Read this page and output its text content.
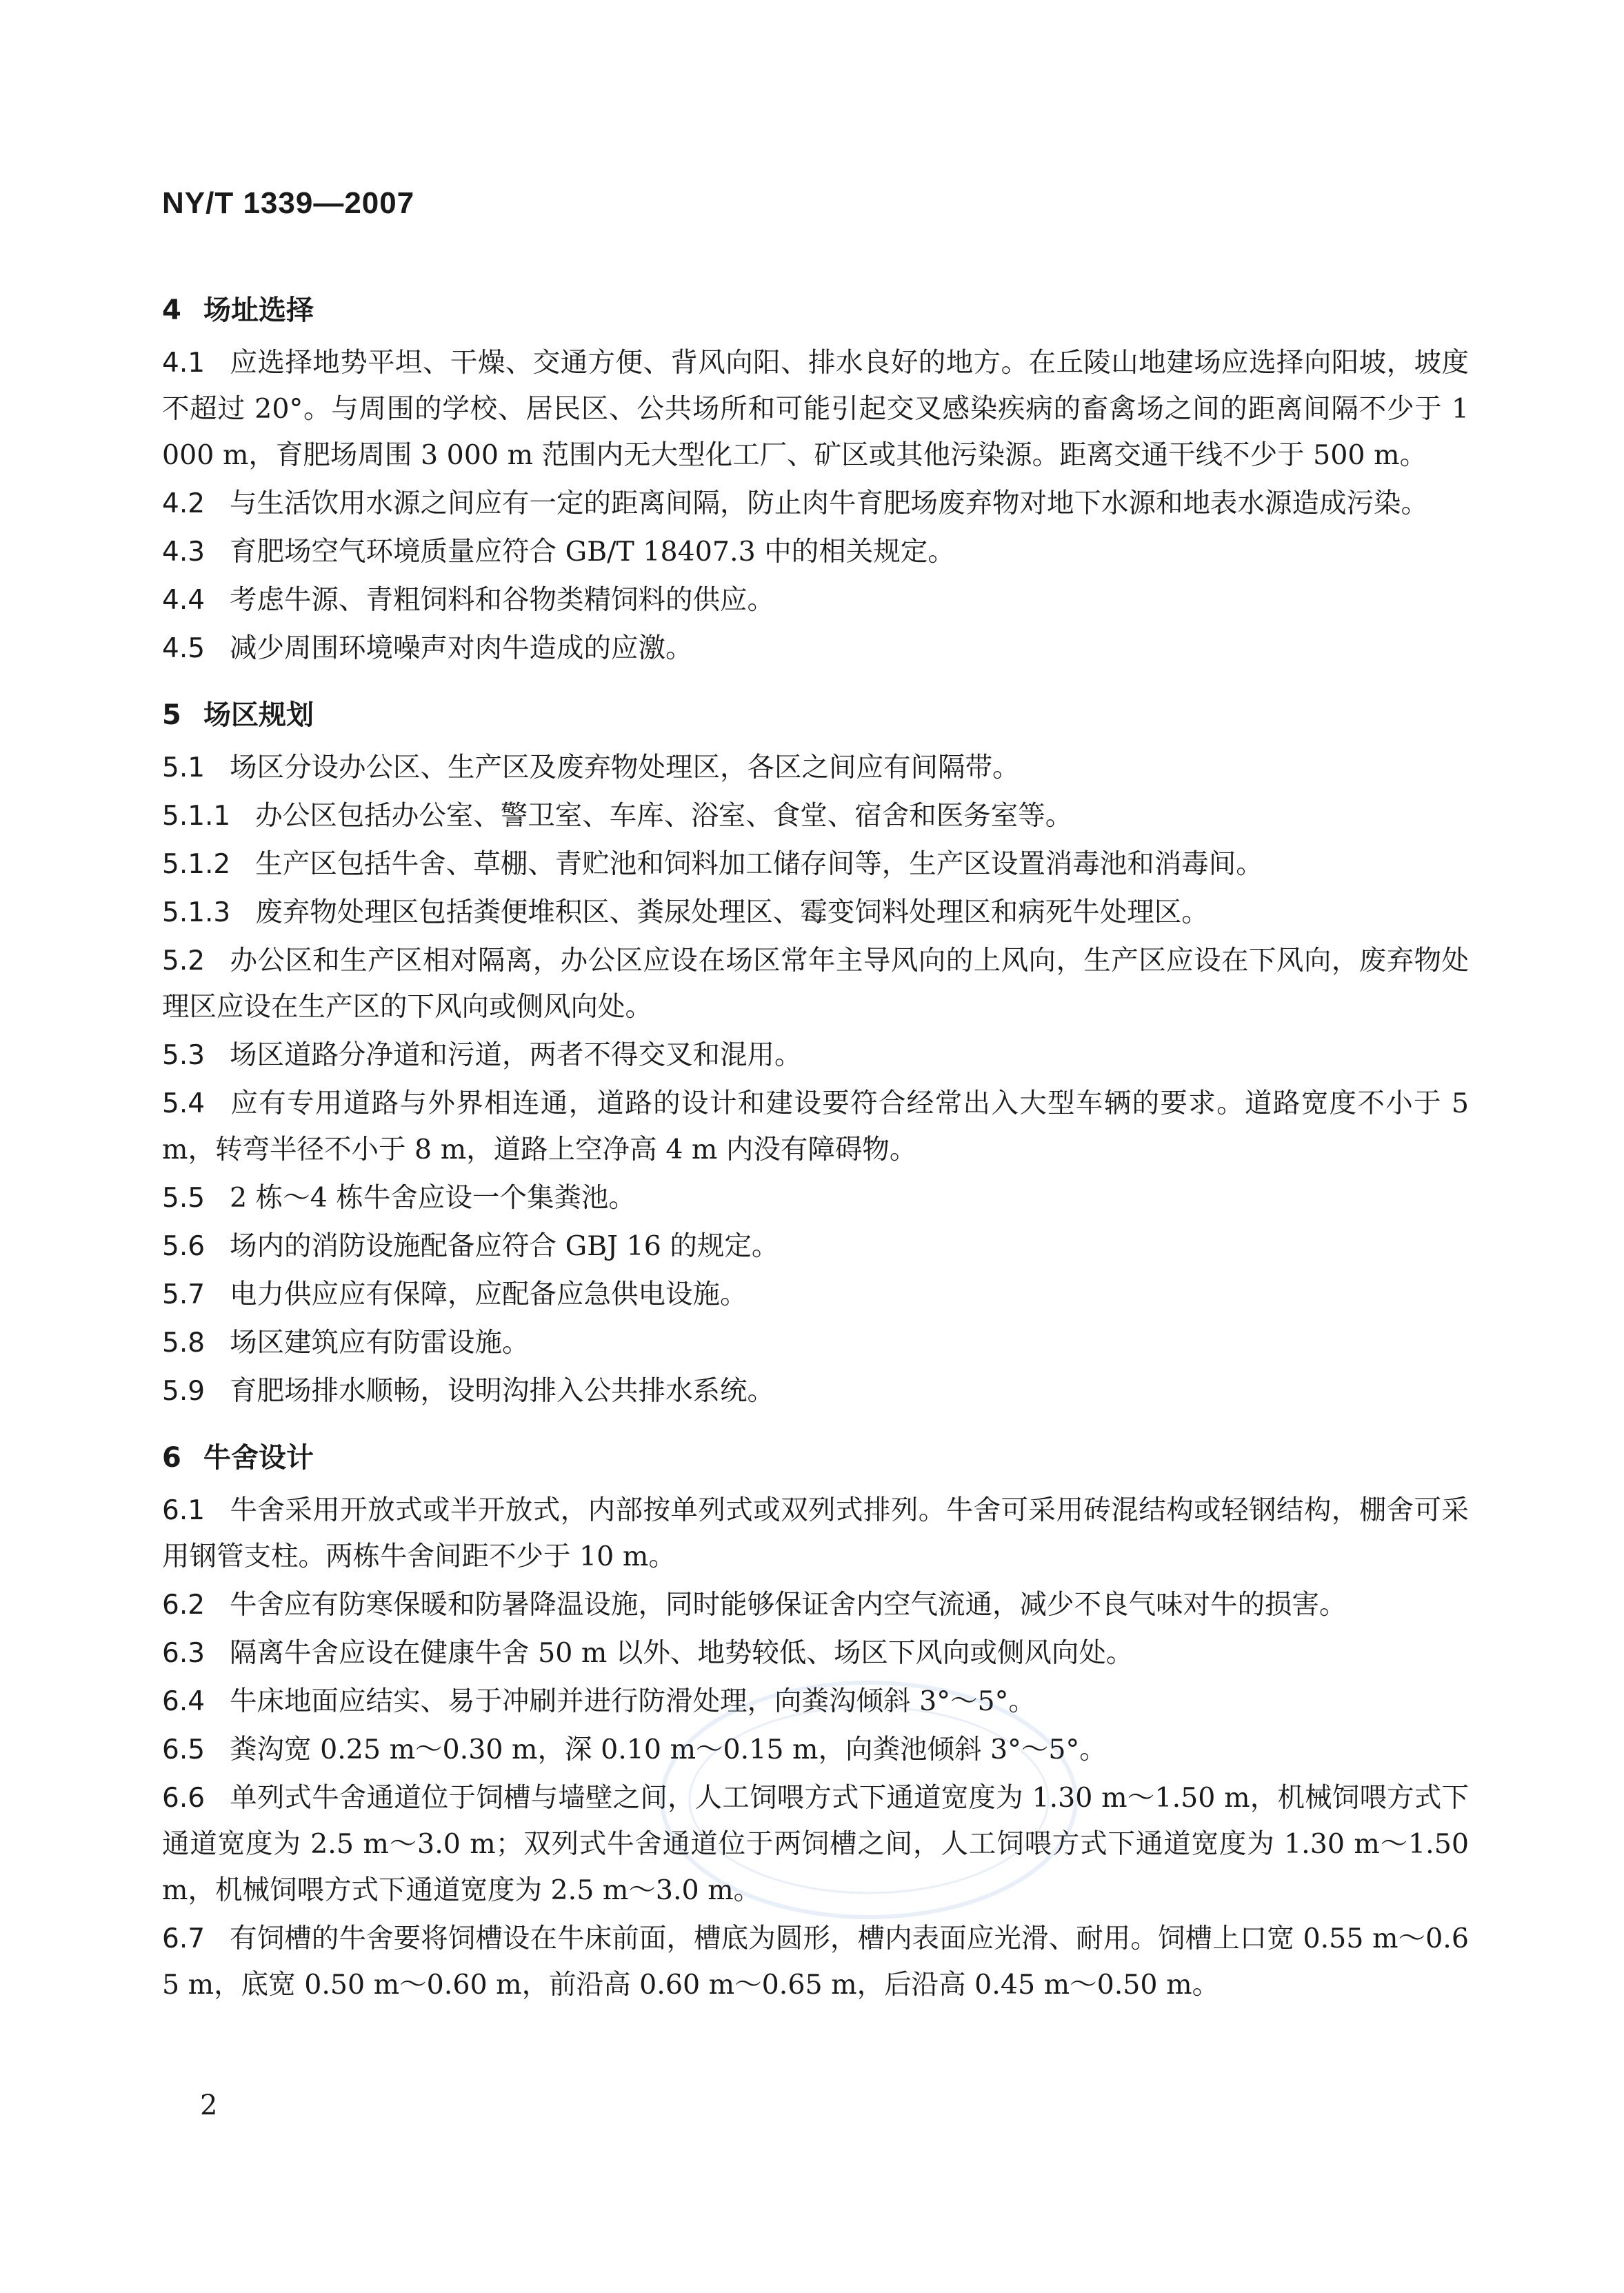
NY/T 1339—2007
4 场址选择
4.1 应选择地势平坦、干燥、交通方便、背风向阳、排水良好的地方。在丘陵山地建场应选择向阳坡，坡度不超过 20°。与周围的学校、居民区、公共场所和可能引起交叉感染疾病的畜禽场之间的距离间隔不少于 1 000 m，育肥场周围 3 000 m 范围内无大型化工厂、矿区或其他污染源。距离交通干线不少于 500 m。
4.2 与生活饮用水源之间应有一定的距离间隔，防止肉牛育肥场废弃物对地下水源和地表水源造成污染。
4.3 育肥场空气环境质量应符合 GB/T 18407.3 中的相关规定。
4.4 考虑牛源、青粗饲料和谷物类精饲料的供应。
4.5 减少周围环境噪声对肉牛造成的应激。
5 场区规划
5.1 场区分设办公区、生产区及废弃物处理区，各区之间应有间隔带。
5.1.1 办公区包括办公室、警卫室、车库、浴室、食堂、宿舍和医务室等。
5.1.2 生产区包括牛舍、草棚、青贮池和饲料加工储存间等，生产区设置消毒池和消毒间。
5.1.3 废弃物处理区包括粪便堆积区、粪尿处理区、霉变饲料处理区和病死牛处理区。
5.2 办公区和生产区相对隔离，办公区应设在场区常年主导风向的上风向，生产区应设在下风向，废弃物处理区应设在生产区的下风向或侧风向处。
5.3 场区道路分净道和污道，两者不得交叉和混用。
5.4 应有专用道路与外界相连通，道路的设计和建设要符合经常出入大型车辆的要求。道路宽度不小于 5 m，转弯半径不小于 8 m，道路上空净高 4 m 内没有障碍物。
5.5 2 栋～4 栋牛舍应设一个集粪池。
5.6 场内的消防设施配备应符合 GBJ 16 的规定。
5.7 电力供应应有保障，应配备应急供电设施。
5.8 场区建筑应有防雷设施。
5.9 育肥场排水顺畅，设明沟排入公共排水系统。
6 牛舍设计
6.1 牛舍采用开放式或半开放式，内部按单列式或双列式排列。牛舍可采用砖混结构或轻钢结构，棚舍可采用钢管支柱。两栋牛舍间距不少于 10 m。
6.2 牛舍应有防寒保暖和防暑降温设施，同时能够保证舍内空气流通，减少不良气味对牛的损害。
6.3 隔离牛舍应设在健康牛舍 50 m 以外、地势较低、场区下风向或侧风向处。
6.4 牛床地面应结实、易于冲刷并进行防滑处理，向粪沟倾斜 3°～5°。
6.5 粪沟宽 0.25 m～0.30 m，深 0.10 m～0.15 m，向粪池倾斜 3°～5°。
6.6 单列式牛舍通道位于饲槽与墙壁之间，人工饲喂方式下通道宽度为 1.30 m～1.50 m，机械饲喂方式下通道宽度为 2.5 m～3.0 m；双列式牛舍通道位于两饲槽之间，人工饲喂方式下通道宽度为 1.30 m～1.50 m，机械饲喂方式下通道宽度为 2.5 m～3.0 m。
6.7 有饲槽的牛舍要将饲槽设在牛床前面，槽底为圆形，槽内表面应光滑、耐用。饲槽上口宽 0.55 m～0.65 m，底宽 0.50 m～0.60 m，前沿高 0.60 m～0.65 m，后沿高 0.45 m～0.50 m。
2
